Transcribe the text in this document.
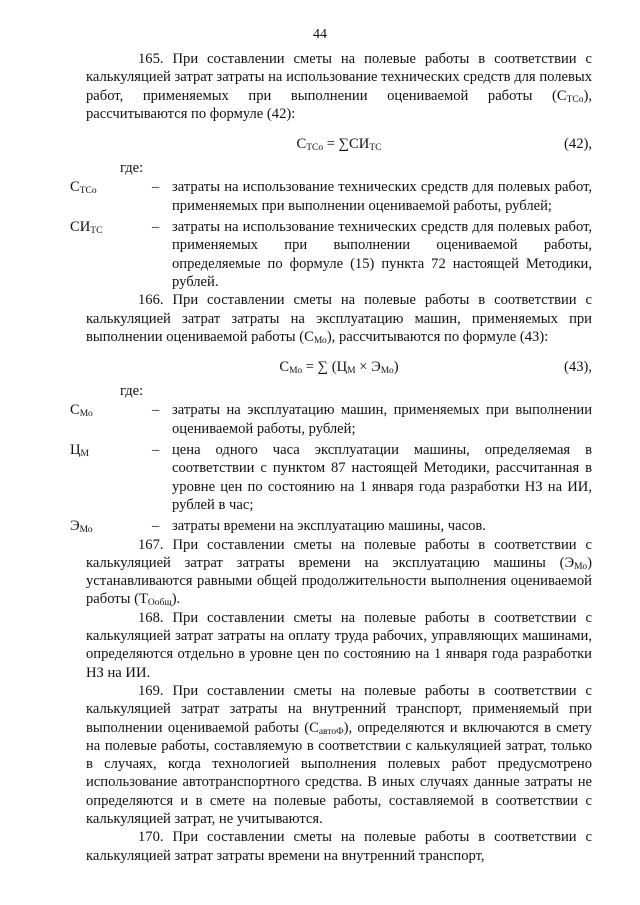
44

165. При составлении сметы на полевые работы в соответствии с калькуляцией затрат затраты на использование технических средств для полевых работ, применяемых при выполнении оцениваемой работы $(С_{ТСо})$, рассчитываются по формуле (42):

$С_{ТСо} = \sum СИ_{ТС}$	(42),

где:

$С_{ТСо}$	– затраты на использование технических средств для полевых работ, применяемых при выполнении оцениваемой работы, рублей;
$СИ_{ТС}$	– затраты на использование технических средств для полевых работ, применяемых при выполнении оцениваемой работы, определяемые по формуле (15) пункта 72 настоящей Методики, рублей.

166. При составлении сметы на полевые работы в соответствии с калькуляцией затрат затраты на эксплуатацию машин, применяемых при выполнении оцениваемой работы $(С_{Мо})$, рассчитываются по формуле (43):

$С_{Мо}$ = ∑ $(Ц_М \times Э_{Мо})$	(43),

где:

$С_{Мо}$	– затраты на эксплуатацию машин, применяемых при выполнении оцениваемой работы, рублей;
$Ц_М$	– цена одного часа эксплуатации машины, определяемая в соответствии с пунктом 87 настоящей Методики, рассчитанная в уровне цен по состоянию на 1 января года разработки НЗ на ИИ, рублей в час;
$Э_{Мо}$	– затраты времени на эксплуатацию машины, часов.

167. При составлении сметы на полевые работы в соответствии с калькуляцией затрат затраты времени на эксплуатацию машины $(Э_{Мо})$ устанавливаются равными общей продолжительности выполнения оцениваемой работы $(Т_{Ообщ})$.

168. При составлении сметы на полевые работы в соответствии с калькуляцией затрат затраты на оплату труда рабочих, управляющих машинами, определяются отдельно в уровне цен по состоянию на 1 января года разработки НЗ на ИИ.

169. При составлении сметы на полевые работы в соответствии с калькуляцией затрат затраты на внутренний транспорт, применяемый при выполнении оцениваемой работы $(С_{автоФ})$, определяются и включаются в смету на полевые работы, составляемую в соответствии с калькуляцией затрат, только в случаях, когда технологией выполнения полевых работ предусмотрено использование автотранспортного средства. В иных случаях данные затраты не определяются и в смете на полевые работы, составляемой в соответствии с калькуляцией затрат, не учитываются.

170. При составлении сметы на полевые работы в соответствии с калькуляцией затрат затраты времени на внутренний транспорт,
